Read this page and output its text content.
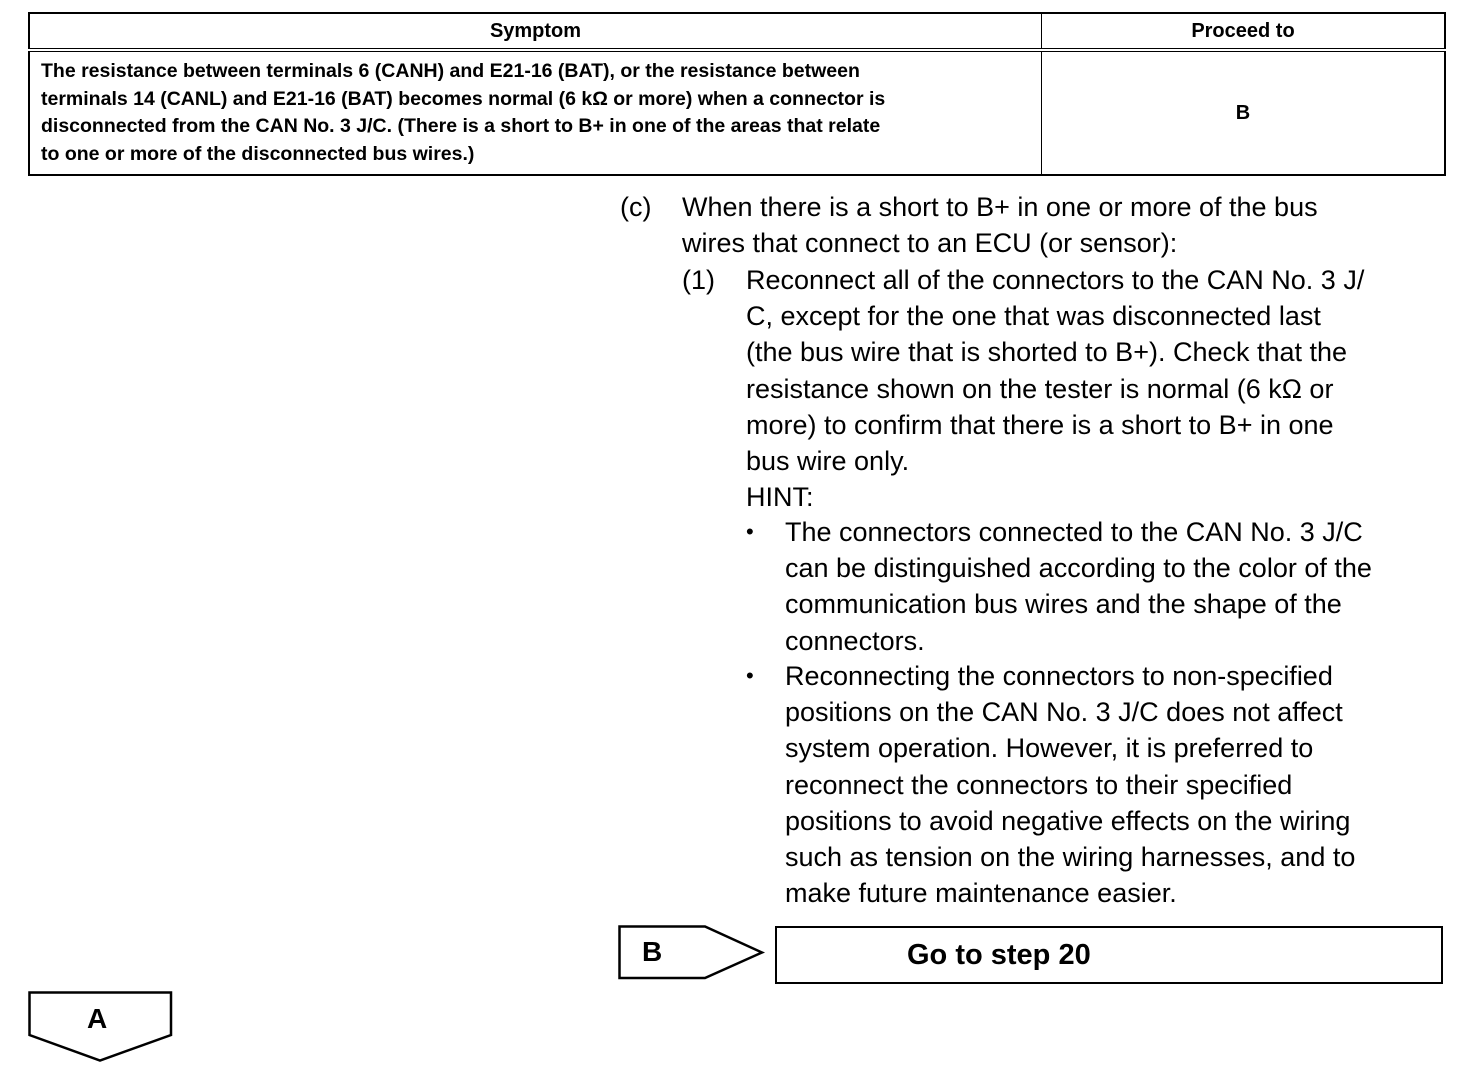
Symptom	Proceed to

The resistance between terminals 6 (CANH) and E21-16 (BAT), or the resistance between
terminals 14 (CANL) and E21-16 (BAT) becomes normal (6 kΩ or more) when a connector is
disconnected from the CAN No. 3 J/C. (There is a short to B+ in one of the areas that relate
to one or more of the disconnected bus wires.)	B
(c) When there is a short to B+ in one or more of the bus
wires that connect to an ECU (or sensor):
(1) Reconnect all of the connectors to the CAN No. 3 J/
C, except for the one that was disconnected last
(the bus wire that is shorted to B+). Check that the
resistance shown on the tester is normal (6 kΩ or
more) to confirm that there is a short to B+ in one
bus wire only.
HINT:
• The connectors connected to the CAN No. 3 J/C
can be distinguished according to the color of the
communication bus wires and the shape of the
connectors.
• Reconnecting the connectors to non-specified
positions on the CAN No. 3 J/C does not affect
system operation. However, it is preferred to
reconnect the connectors to their specified
positions to avoid negative effects on the wiring
such as tension on the wiring harnesses, and to
make future maintenance easier.
B	Go to step 20
A
